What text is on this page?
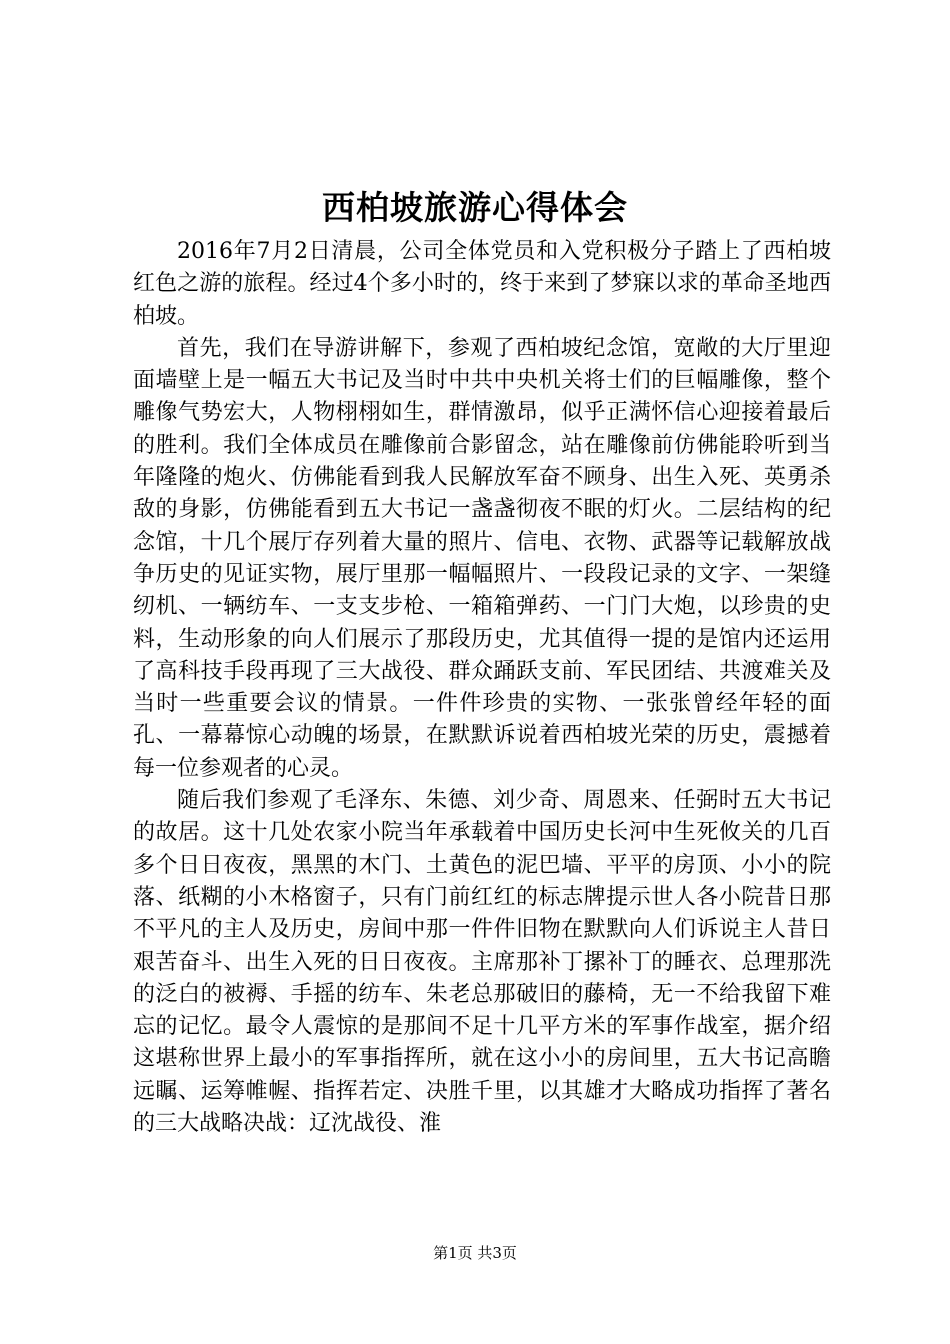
西柏坡旅游心得体会

2016年7月2日清晨，公司全体党员和入党积极分子踏上了西柏坡红色之游的旅程。经过4个多小时的，终于来到了梦寐以求的革命圣地西柏坡。

首先，我们在导游讲解下，参观了西柏坡纪念馆，宽敞的大厅里迎面墙壁上是一幅五大书记及当时中共中央机关将士们的巨幅雕像，整个雕像气势宏大，人物栩栩如生，群情激昂，似乎正满怀信心迎接着最后的胜利。我们全体成员在雕像前合影留念，站在雕像前仿佛能聆听到当年隆隆的炮火、仿佛能看到我人民解放军奋不顾身、出生入死、英勇杀敌的身影，仿佛能看到五大书记一盏盏彻夜不眠的灯火。二层结构的纪念馆，十几个展厅存列着大量的照片、信电、衣物、武器等记载解放战争历史的见证实物，展厅里那一幅幅照片、一段段记录的文字、一架缝纫机、一辆纺车、一支支步枪、一箱箱弹药、一门门大炮，以珍贵的史料，生动形象的向人们展示了那段历史，尤其值得一提的是馆内还运用了高科技手段再现了三大战役、群众踊跃支前、军民团结、共渡难关及当时一些重要会议的情景。一件件珍贵的实物、一张张曾经年轻的面孔、一幕幕惊心动魄的场景，在默默诉说着西柏坡光荣的历史，震撼着每一位参观者的心灵。

随后我们参观了毛泽东、朱德、刘少奇、周恩来、任弼时五大书记的故居。这十几处农家小院当年承载着中国历史长河中生死攸关的几百多个日日夜夜，黑黑的木门、土黄色的泥巴墙、平平的房顶、小小的院落、纸糊的小木格窗子，只有门前红红的标志牌提示世人各小院昔日那不平凡的主人及历史，房间中那一件件旧物在默默向人们诉说主人昔日艰苦奋斗、出生入死的日日夜夜。主席那补丁摞补丁的睡衣、总理那洗的泛白的被褥、手摇的纺车、朱老总那破旧的藤椅，无一不给我留下难忘的记忆。最令人震惊的是那间不足十几平方米的军事作战室，据介绍这堪称世界上最小的军事指挥所，就在这小小的房间里，五大书记高瞻远瞩、运筹帷幄、指挥若定、决胜千里，以其雄才大略成功指挥了著名的三大战略决战：辽沈战役、淮

第1页 共3页
